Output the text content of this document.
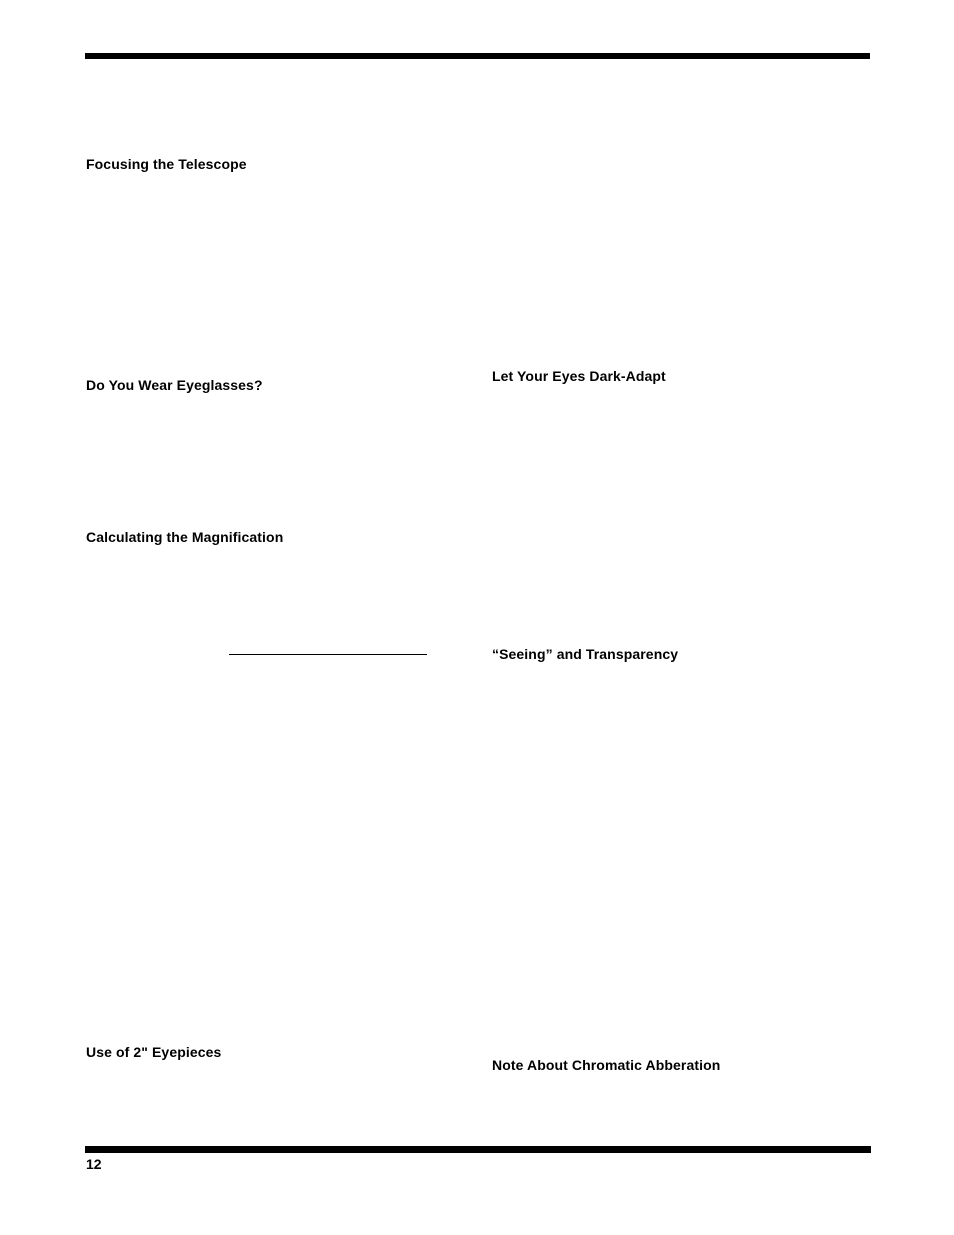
Focusing the Telescope
Do You Wear Eyeglasses?
Calculating the Magnification
Use of 2" Eyepieces
Let Your Eyes Dark-Adapt
“Seeing” and Transparency
Note About Chromatic Abberation
12
